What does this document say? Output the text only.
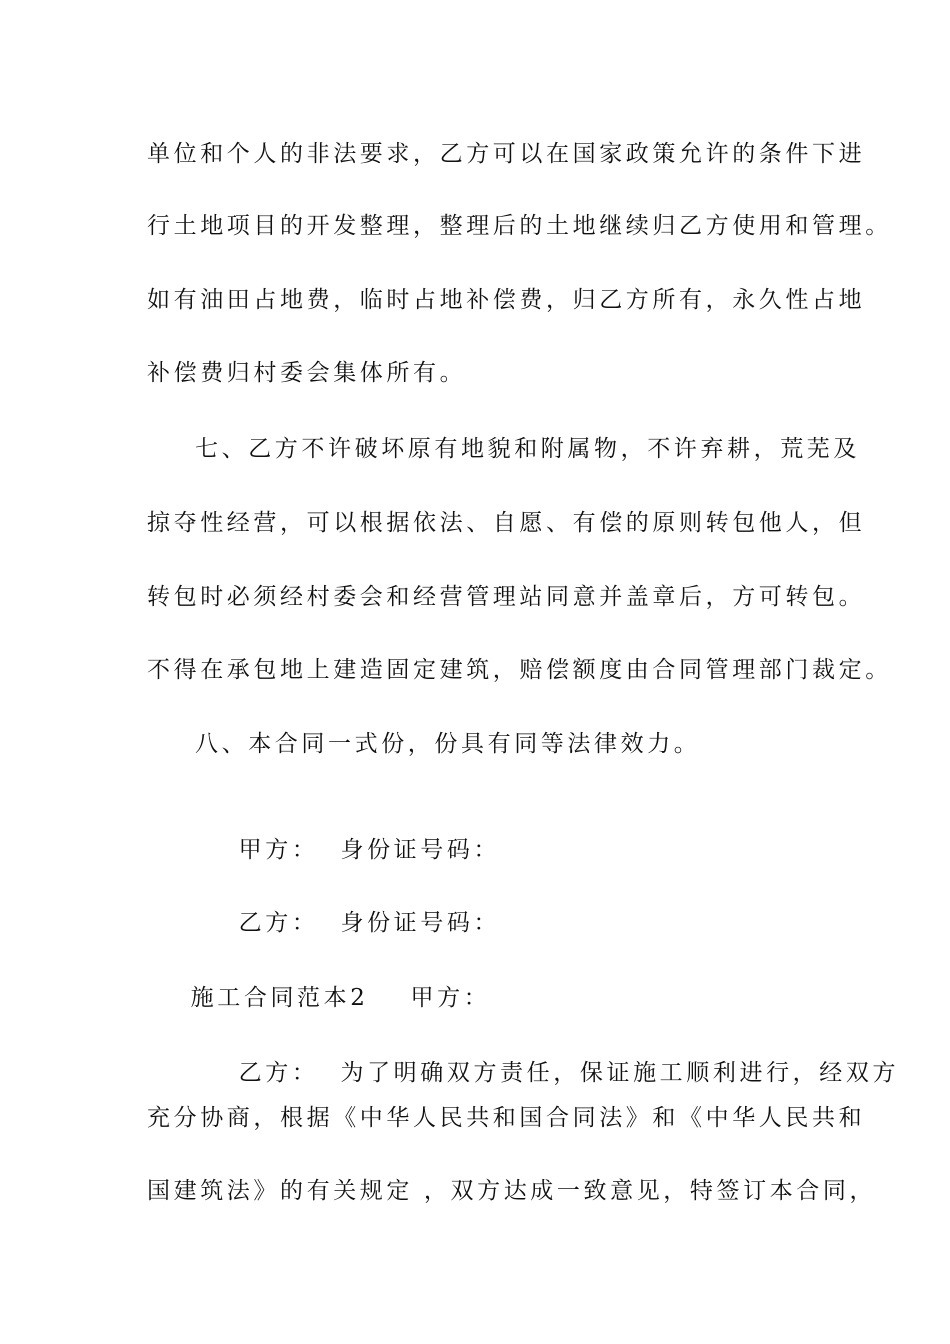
单位和个人的非法要求，乙方可以在国家政策允许的条件下进
行土地项目的开发整理，整理后的土地继续归乙方使用和管理。
如有油田占地费，临时占地补偿费，归乙方所有，永久性占地
补偿费归村委会集体所有。
七、乙方不许破坏原有地貌和附属物，不许弃耕，荒芜及
掠夺性经营，可以根据依法、自愿、有偿的原则转包他人，但
转包时必须经村委会和经营管理站同意并盖章后，方可转包。
不得在承包地上建造固定建筑，赔偿额度由合同管理部门裁定。
八、本合同一式份，份具有同等法律效力。

甲方： 身份证号码：

乙方： 身份证号码：

施工合同范本2 甲方：

乙方： 为了明确双方责任，保证施工顺利进行，经双方

充分协商，根据《中华人民共和国合同法》和《中华人民共和
国建筑法》的有关规定 ，双方达成一致意见，特签订本合同，
